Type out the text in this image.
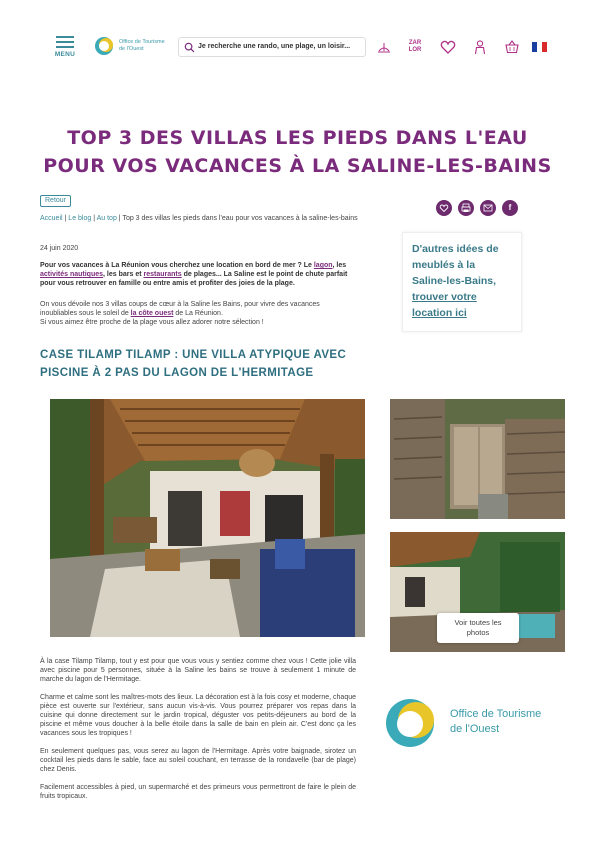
MENU
Office de Tourisme
de l'Ouest	Je recherche une rando, une plage, un loisir...	ZAR
LOR
TOP 3 DES VILLAS LES PIEDS DANS L'EAU POUR VOS VACANCES À LA SALINE-LES-BAINS
Retour
Accueil | Le blog | Au top | Top 3 des villas les pieds dans l'eau pour vos vacances à la saline-les-bains
24 juin 2020
Pour vos vacances à La Réunion vous cherchez une location en bord de mer ? Le lagon, les activités nautiques, les bars et restaurants de plages... La Saline est le point de chute parfait pour vous retrouver en famille ou entre amis et profiter des joies de la plage.
On vous dévoile nos 3 villas coups de cœur à la Saline les Bains, pour vivre des vacances inoubliables sous le soleil de la côte ouest de La Réunion.
Si vous aimez être proche de la plage vous allez adorer notre sélection !
f
D'autres idées de
meublés à la
Saline-les-Bains,
trouver votre
location ici
CASE TILAMP TILAMP : UNE VILLA ATYPIQUE AVEC PISCINE À 2 PAS DU LAGON DE L'HERMITAGE
Voir toutes les
photos

À la case Tilamp Tilamp, tout y est pour que vous vous y sentiez comme chez vous ! Cette jolie villa avec piscine pour 5 personnes, située à la Saline les bains se trouve à seulement 1 minute de marche du lagon de l'Hermitage.

Charme et calme sont les maîtres-mots des lieux. La décoration est à la fois cosy et moderne, chaque pièce est ouverte sur l'extérieur, sans aucun vis-à-vis. Vous pourrez préparer vos repas dans la cuisine qui donne directement sur le jardin tropical, déguster vos petits-déjeuners au bord de la piscine et même vous doucher à la belle étoile dans la salle de bain en plein air. C'est donc ça les vacances sous les tropiques !

En seulement quelques pas, vous serez au lagon de l'Hermitage. Après votre baignade, sirotez un cocktail les pieds dans le sable, face au soleil couchant, en terrasse de la rondavelle (bar de plage) chez Denis.

Facilement accessibles à pied, un supermarché et des primeurs vous permettront de faire le plein de fruits tropicaux.

Office de Tourisme
de l'Ouest
